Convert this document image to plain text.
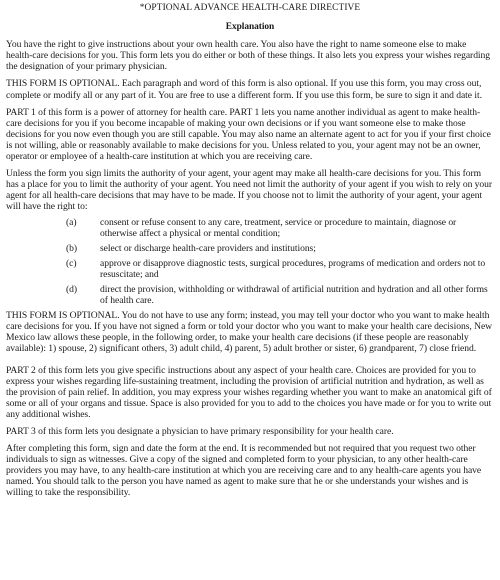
*OPTIONAL ADVANCE HEALTH-CARE DIRECTIVE
Explanation

You have the right to give instructions about your own health care. You also have the right to name someone else to make health-care decisions for you. This form lets you do either or both of these things. It also lets you express your wishes regarding the designation of your primary physician.

THIS FORM IS OPTIONAL. Each paragraph and word of this form is also optional. If you use this form, you may cross out, complete or modify all or any part of it. You are free to use a different form. If you use this form, be sure to sign it and date it.

PART 1 of this form is a power of attorney for health care. PART 1 lets you name another individual as agent to make health-care decisions for you if you become incapable of making your own decisions or if you want someone else to make those decisions for you now even though you are still capable. You may also name an alternate agent to act for you if your first choice is not willing, able or reasonably available to make decisions for you. Unless related to you, your agent may not be an owner, operator or employee of a health-care institution at which you are receiving care.

Unless the form you sign limits the authority of your agent, your agent may make all health-care decisions for you. This form has a place for you to limit the authority of your agent. You need not limit the authority of your agent if you wish to rely on your agent for all health-care decisions that may have to be made. If you choose not to limit the authority of your agent, your agent will have the right to:

(a)	consent or refuse consent to any care, treatment, service or procedure to maintain, diagnose or otherwise affect a physical or mental condition;
(b)	select or discharge health-care providers and institutions;
(c)	approve or disapprove diagnostic tests, surgical procedures, programs of medication and orders not to resuscitate; and
(d)	direct the provision, withholding or withdrawal of artificial nutrition and hydration and all other forms of health care.

THIS FORM IS OPTIONAL. You do not have to use any form; instead, you may tell your doctor who you want to make health care decisions for you. If you have not signed a form or told your doctor who you want to make your health care decisions, New Mexico law allows these people, in the following order, to make your health care decisions (if these people are reasonably available): 1) spouse, 2) significant others, 3) adult child, 4) parent, 5) adult brother or sister, 6) grandparent, 7) close friend.

PART 2 of this form lets you give specific instructions about any aspect of your health care. Choices are provided for you to express your wishes regarding life-sustaining treatment, including the provision of artificial nutrition and hydration, as well as the provision of pain relief. In addition, you may express your wishes regarding whether you want to make an anatomical gift of some or all of your organs and tissue. Space is also provided for you to add to the choices you have made or for you to write out any additional wishes.

PART 3 of this form lets you designate a physician to have primary responsibility for your health care.

After completing this form, sign and date the form at the end. It is recommended but not required that you request two other individuals to sign as witnesses. Give a copy of the signed and completed form to your physician, to any other health-care providers you may have, to any health-care institution at which you are receiving care and to any health-care agents you have named. You should talk to the person you have named as agent to make sure that he or she understands your wishes and is willing to take the responsibility.
